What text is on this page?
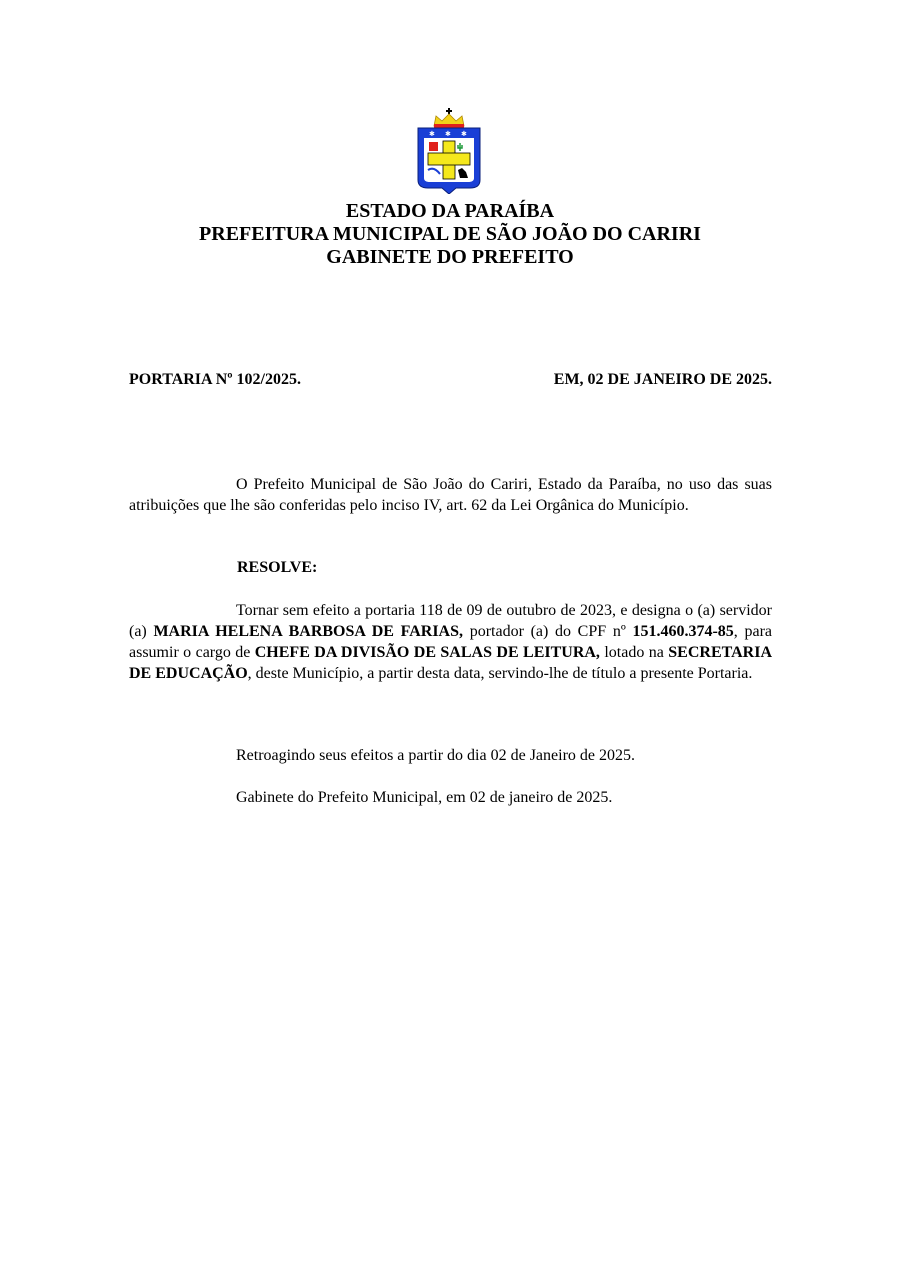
✱ ✱ ✱
ESTADO DA PARAÍBA
PREFEITURA MUNICIPAL DE SÃO JOÃO DO CARIRI
GABINETE DO PREFEITO
PORTARIA Nº 102/2025.	EM, 02 DE JANEIRO DE 2025.
O Prefeito Municipal de São João do Cariri, Estado da Paraíba, no uso das suas atribuições que lhe são conferidas pelo inciso IV, art. 62 da Lei Orgânica do Município.
RESOLVE:
Tornar sem efeito a portaria 118 de 09 de outubro de 2023, e designa o (a) servidor (a) MARIA HELENA BARBOSA DE FARIAS, portador (a) do CPF nº 151.460.374-85, para assumir o cargo de CHEFE DA DIVISÃO DE SALAS DE LEITURA, lotado na SECRETARIA DE EDUCAÇÃO, deste Município, a partir desta data, servindo-lhe de título a presente Portaria.
Retroagindo seus efeitos a partir do dia 02 de Janeiro de 2025.
Gabinete do Prefeito Municipal, em 02 de janeiro de 2025.
